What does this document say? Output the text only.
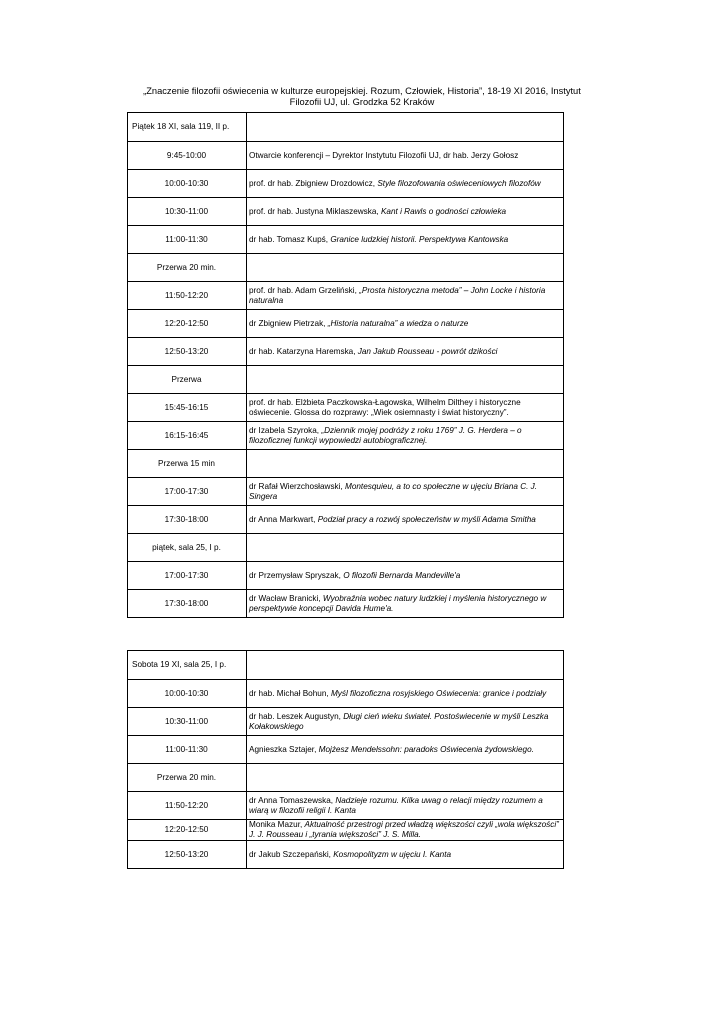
„Znaczenie filozofii oświecenia w kulturze europejskiej. Rozum, Człowiek, Historia”, 18-19 XI 2016, Instytut Filozofii UJ, ul. Grodzka 52 Kraków
Piątek 18 XI, sala 119, II p.	
9:45-10:00	Otwarcie konferencji – Dyrektor Instytutu Filozofii UJ, dr hab. Jerzy Gołosz
10:00-10:30	prof. dr hab. Zbigniew Drozdowicz, Style filozofowania oświeceniowych filozofów
10:30-11:00	prof. dr hab. Justyna Miklaszewska, Kant i Rawls o godności człowieka
11:00-11:30	dr hab. Tomasz Kupś, Granice ludzkiej historii. Perspektywa Kantowska
Przerwa 20 min.	
11:50-12:20	prof. dr hab. Adam Grzeliński, „Prosta historyczna metoda” – John Locke i historia naturalna
12:20-12:50	dr Zbigniew Pietrzak, „Historia naturalna” a wiedza o naturze
12:50-13:20	dr hab. Katarzyna Haremska, Jan Jakub Rousseau - powrót dzikości
Przerwa	
15:45-16:15	prof. dr hab. Elżbieta Paczkowska-Łagowska, Wilhelm Dilthey i historyczne oświecenie. Glossa do rozprawy: „Wiek osiemnasty i świat historyczny”.
16:15-16:45	dr Izabela Szyroka, „Dziennik mojej podróży z roku 1769” J. G. Herdera – o filozoficznej funkcji wypowiedzi autobiograficznej.
Przerwa 15 min	
17:00-17:30	dr Rafał Wierzchosławski, Montesquieu, a to co społeczne w ujęciu Briana C. J. Singera
17:30-18:00	dr Anna Markwart, Podział pracy a rozwój społeczeństw w myśli Adama Smitha
piątek, sala 25, I p.	
17:00-17:30	dr Przemysław Spryszak, O filozofii Bernarda Mandeville'a
17:30-18:00	dr Wacław Branicki, Wyobraźnia wobec natury ludzkiej i myślenia historycznego w perspektywie koncepcji Davida Hume'a.
Sobota 19 XI, sala 25, I p.	
10:00-10:30	dr hab. Michał Bohun, Myśl filozoficzna rosyjskiego Oświecenia: granice i podziały
10:30-11:00	dr hab. Leszek Augustyn, Długi cień wieku świateł. Postoświecenie w myśli Leszka Kołakowskiego
11:00-11:30	Agnieszka Sztajer, Mojżesz Mendelssohn: paradoks Oświecenia żydowskiego.
Przerwa 20 min.	
11:50-12:20	dr Anna Tomaszewska, Nadzieje rozumu. Kilka uwag o relacji między rozumem a wiarą w filozofii religii I. Kanta
12:20-12:50	Monika Mazur, Aktualność przestrogi przed władzą większości czyli „wola większości” J. J. Rousseau i „tyrania większości” J. S. Milla.
12:50-13:20	dr Jakub Szczepański, Kosmopolityzm w ujęciu I. Kanta
